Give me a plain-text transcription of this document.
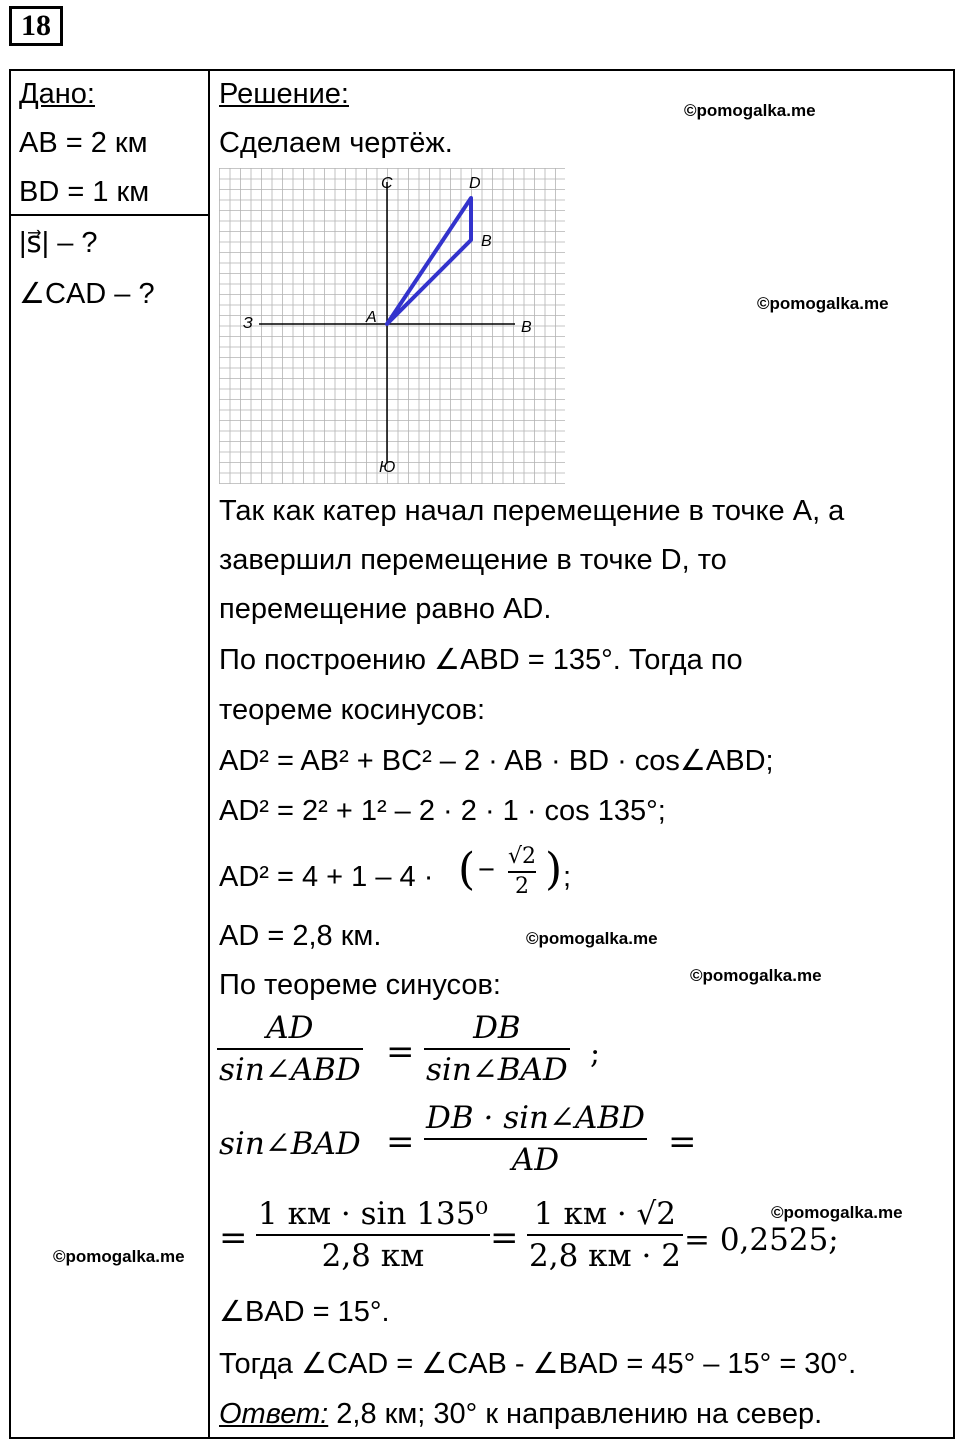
18
Дано:
AB = 2 км
BD = 1 км
|s⃗| – ?
∠CAD – ?
Решение:
Сделаем чертёж.
С
Ю
З	В
A
B
D
Так как катер начал перемещение в точке А, а
завершил перемещение в точке D, то
перемещение равно AD.
По построению ∠ABD = 135°. Тогда по
теореме косинусов:
AD² = AB² + BC² – 2 · AB · BD · cos∠ABD;
AD² = 2² + 1² – 2 · 2 · 1 · cos 135°;
AD² = 4 + 1 – 4 · ( − √2
2 ) ;
AD = 2,8 км.
По теореме синусов:
AD
sin∠ABD =
DB
sin∠BAD ;
sin∠BAD =
DB · sin∠ABD
AD	=
=
1 км · sin 135⁰
2,8 км =
1 км · √2
2,8 км · 2 = 0,2525;
∠BAD = 15°.
Тогда ∠CAD = ∠CAB - ∠BAD = 45° – 15° = 30°.
Ответ: 2,8 км; 30° к направлению на север.
©pomogalka.me
©pomogalka.me
©pomogalka.me
©pomogalka.me
©pomogalka.me
©pomogalka.me
